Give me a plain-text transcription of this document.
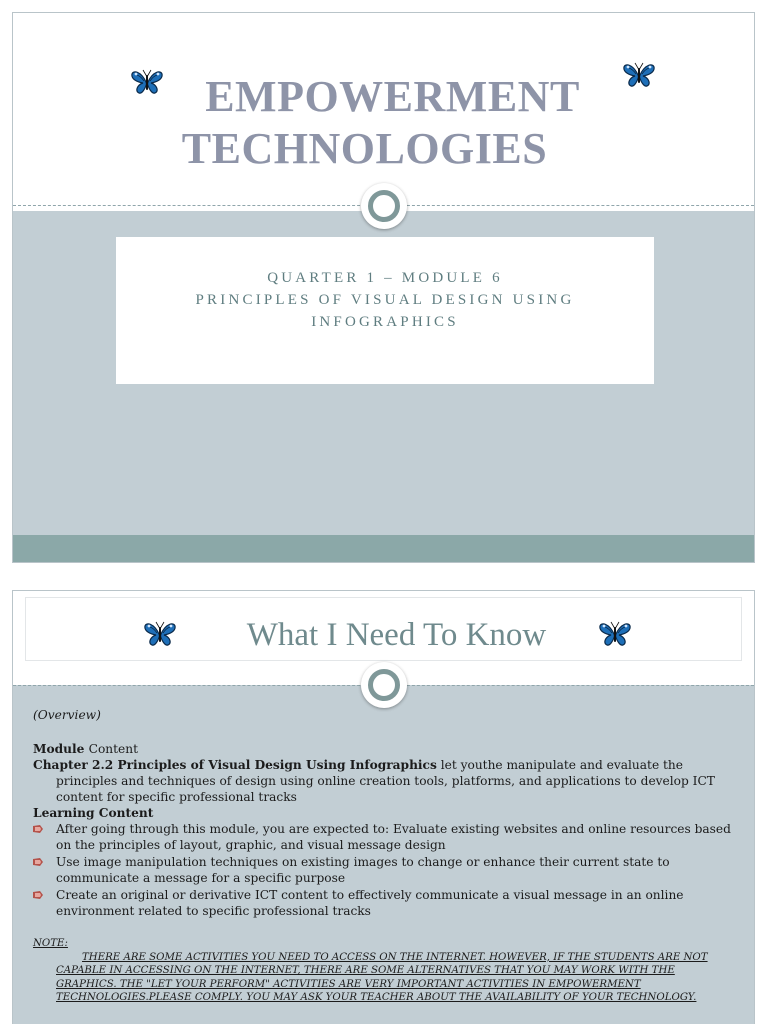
EMPOWERMENT
TECHNOLOGIES
QUARTER 1 – MODULE 6
PRINCIPLES OF VISUAL DESIGN USING
INFOGRAPHICS
What I Need To Know
(Overview)
Module Content
Chapter 2.2 Principles of Visual Design Using Infographics let youthe manipulate and evaluate the principles and techniques of design using online creation tools, platforms, and applications to develop ICT content for specific professional tracks
Learning Content
After going through this module, you are expected to: Evaluate existing websites and online resources based on the principles of layout, graphic, and visual message design
Use image manipulation techniques on existing images to change or enhance their current state to communicate a message for a specific purpose
Create an original or derivative ICT content to effectively communicate a visual message in an online environment related to specific professional tracks
NOTE:
THERE ARE SOME ACTIVITIES YOU NEED TO ACCESS ON THE INTERNET. HOWEVER, IF THE STUDENTS ARE NOT CAPABLE IN ACCESSING ON THE INTERNET, THERE ARE SOME ALTERNATIVES THAT YOU MAY WORK WITH THE GRAPHICS. THE "LET YOUR PERFORM" ACTIVITIES ARE VERY IMPORTANT ACTIVITIES IN EMPOWERMENT TECHNOLOGIES.PLEASE COMPLY. YOU MAY ASK YOUR TEACHER ABOUT THE AVAILABILITY OF YOUR TECHNOLOGY.
